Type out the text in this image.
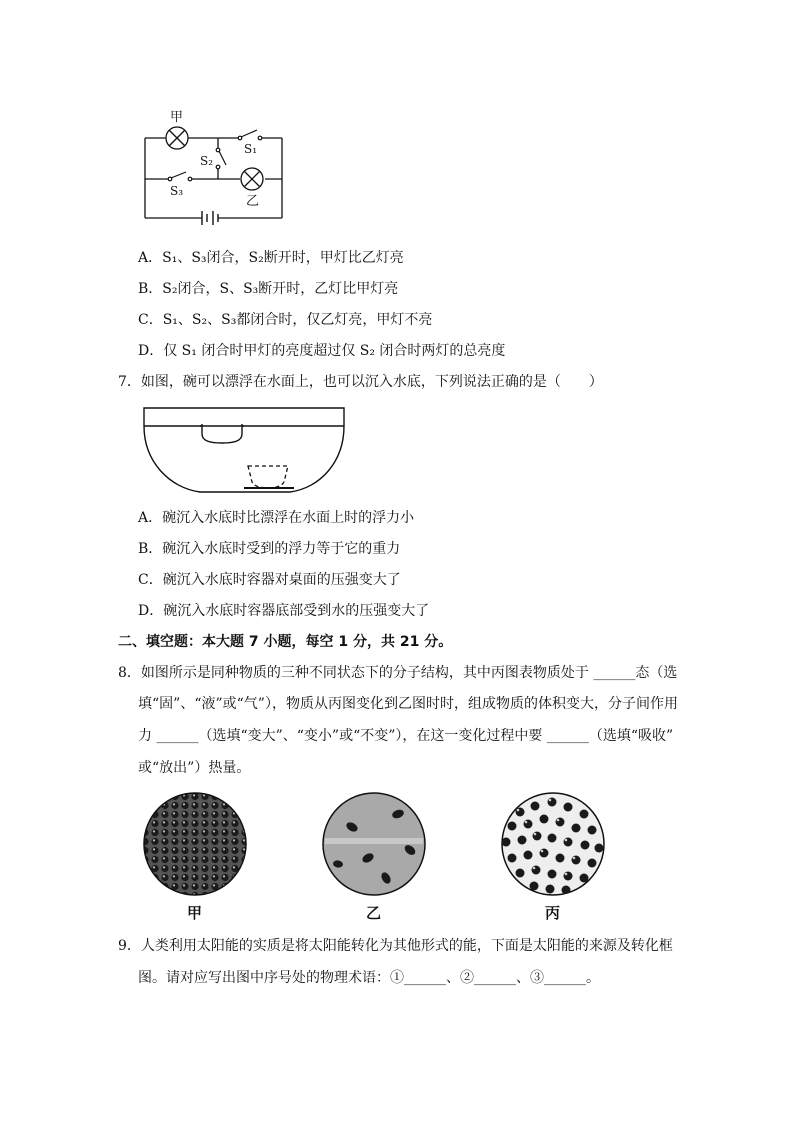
甲
S₁
S₂
S₃
乙
A．S₁、S₃闭合，S₂断开时，甲灯比乙灯亮
B．S₂闭合，S、S₃断开时，乙灯比甲灯亮
C．S₁、S₂、S₃都闭合时，仅乙灯亮，甲灯不亮
D．仅 S₁ 闭合时甲灯的亮度超过仅 S₂ 闭合时两灯的总亮度
7．如图，碗可以漂浮在水面上，也可以沉入水底，下列说法正确的是（　　）
A．碗沉入水底时比漂浮在水面上时的浮力小
B．碗沉入水底时受到的浮力等于它的重力
C．碗沉入水底时容器对桌面的压强变大了
D．碗沉入水底时容器底部受到水的压强变大了
二、填空题：本大题 7 小题，每空 1 分，共 21 分。
8．如图所示是同种物质的三种不同状态下的分子结构，其中丙图表物质处于 ______态（选
填“固”、“液”或“气”），物质从丙图变化到乙图时时，组成物质的体积变大，分子间作用
力 ______（选填“变大”、“变小”或“不变”），在这一变化过程中要 ______（选填“吸收”
或“放出”）热量。
甲	乙	丙
9．人类利用太阳能的实质是将太阳能转化为其他形式的能，下面是太阳能的来源及转化框
图。请对应写出图中序号处的物理术语：①______、②______、③______。
